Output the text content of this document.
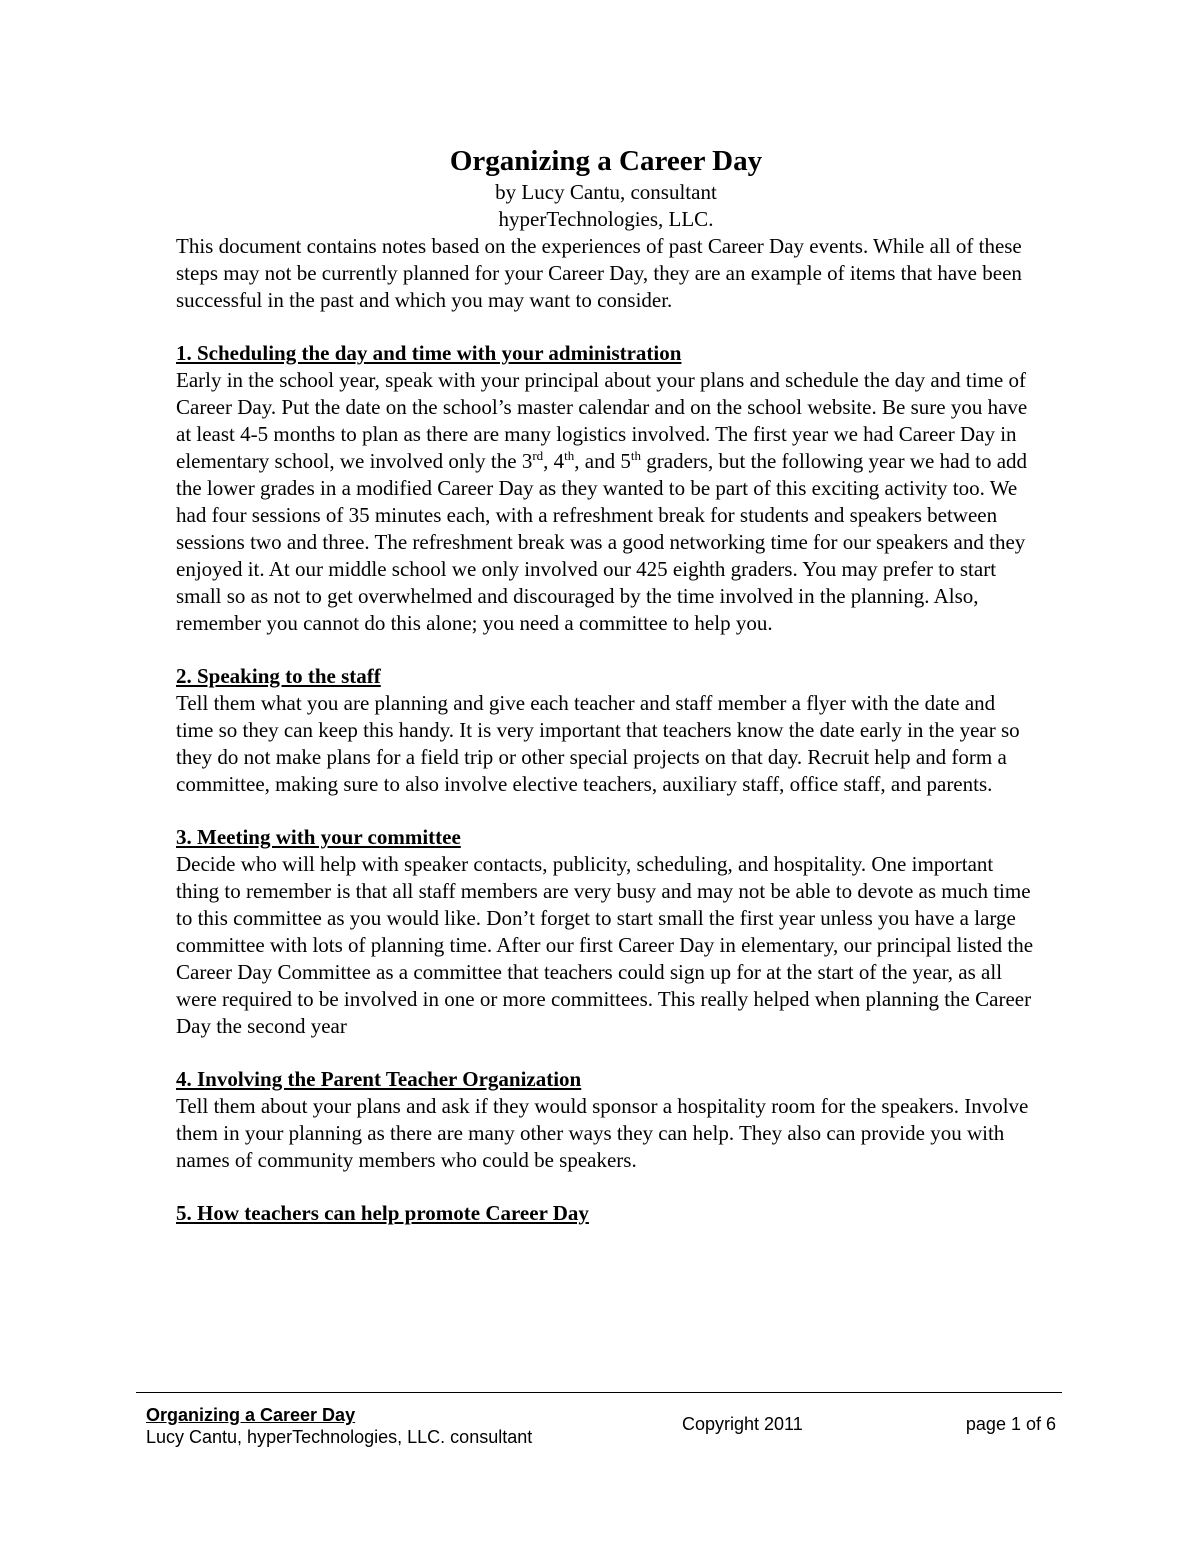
Organizing a Career Day

by Lucy Cantu, consultant

hyperTechnologies, LLC.

This document contains notes based on the experiences of past Career Day events. While all of these steps may not be currently planned for your Career Day, they are an example of items that have been successful in the past and which you may want to consider.

1. Scheduling the day and time with your administration

Early in the school year, speak with your principal about your plans and schedule the day and time of Career Day. Put the date on the school’s master calendar and on the school website. Be sure you have at least 4-5 months to plan as there are many logistics involved. The first year we had Career Day in elementary school, we involved only the 3rd, 4th, and 5th graders, but the following year we had to add the lower grades in a modified Career Day as they wanted to be part of this exciting activity too. We had four sessions of 35 minutes each, with a refreshment break for students and speakers between sessions two and three. The refreshment break was a good networking time for our speakers and they enjoyed it. At our middle school we only involved our 425 eighth graders. You may prefer to start small so as not to get overwhelmed and discouraged by the time involved in the planning. Also, remember you cannot do this alone; you need a committee to help you.

2. Speaking to the staff

Tell them what you are planning and give each teacher and staff member a flyer with the date and time so they can keep this handy. It is very important that teachers know the date early in the year so they do not make plans for a field trip or other special projects on that day. Recruit help and form a committee, making sure to also involve elective teachers, auxiliary staff, office staff, and parents.

3. Meeting with your committee

Decide who will help with speaker contacts, publicity, scheduling, and hospitality. One important thing to remember is that all staff members are very busy and may not be able to devote as much time to this committee as you would like. Don’t forget to start small the first year unless you have a large committee with lots of planning time. After our first Career Day in elementary, our principal listed the Career Day Committee as a committee that teachers could sign up for at the start of the year, as all were required to be involved in one or more committees. This really helped when planning the Career Day the second year

4. Involving the Parent Teacher Organization

Tell them about your plans and ask if they would sponsor a hospitality room for the speakers. Involve them in your planning as there are many other ways they can help. They also can provide you with names of community members who could be speakers.

5. How teachers can help promote Career Day

Organizing a Career Day
Lucy Cantu, hyperTechnologies, LLC. consultant
Copyright 2011	page 1 of 6
